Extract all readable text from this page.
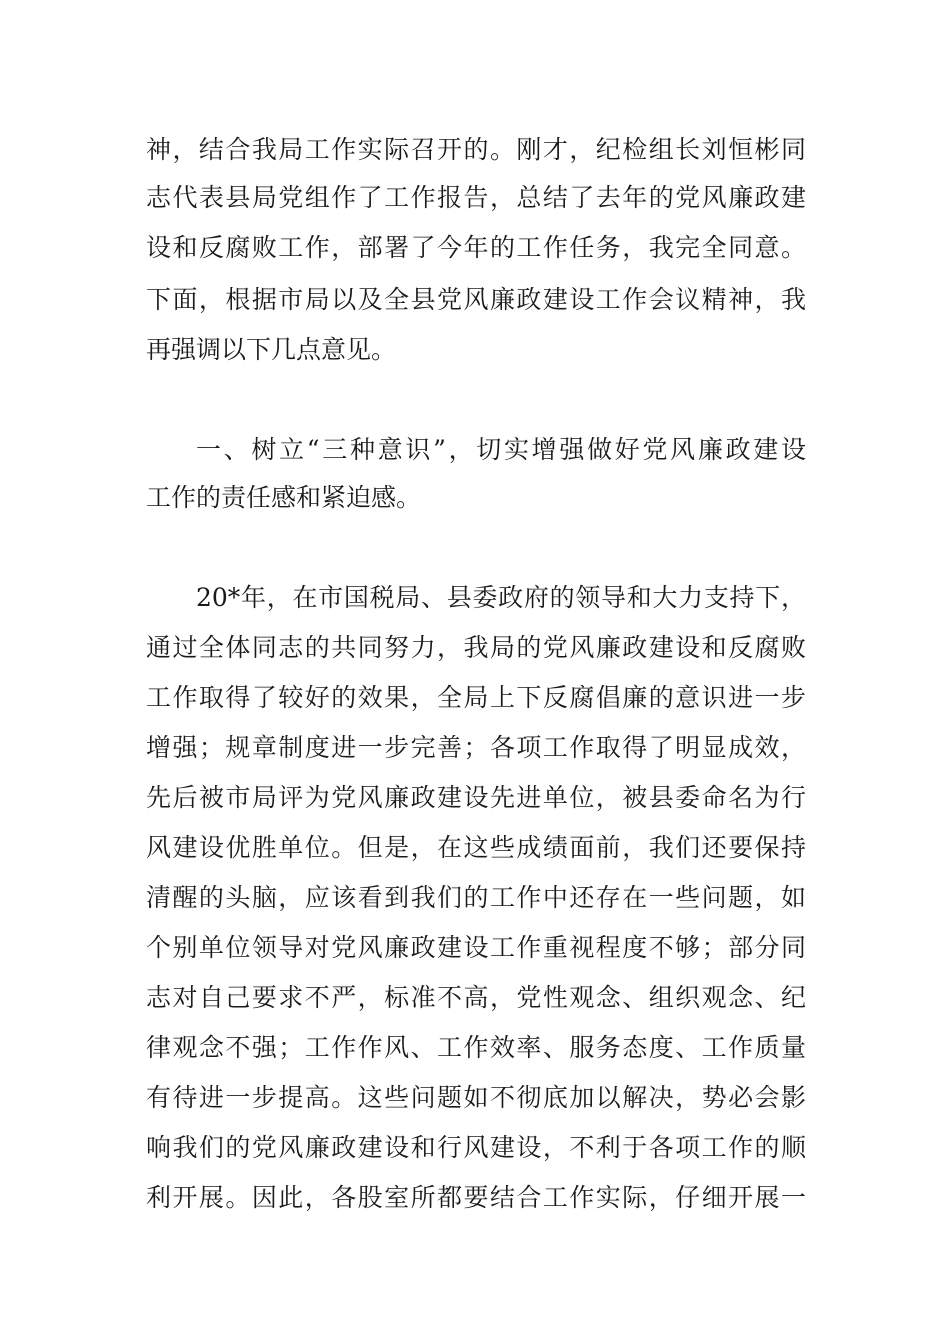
神，结合我局工作实际召开的。刚才，纪检组长刘恒彬同
志代表县局党组作了工作报告，总结了去年的党风廉政建
设和反腐败工作，部署了今年的工作任务，我完全同意。
下面，根据市局以及全县党风廉政建设工作会议精神，我
再强调以下几点意见。
一、树立“三种意识”，切实增强做好党风廉政建设
工作的责任感和紧迫感。
20*年，在市国税局、县委政府的领导和大力支持下，
通过全体同志的共同努力，我局的党风廉政建设和反腐败
工作取得了较好的效果，全局上下反腐倡廉的意识进一步
增强；规章制度进一步完善；各项工作取得了明显成效，
先后被市局评为党风廉政建设先进单位，被县委命名为行
风建设优胜单位。但是，在这些成绩面前，我们还要保持
清醒的头脑，应该看到我们的工作中还存在一些问题，如
个别单位领导对党风廉政建设工作重视程度不够；部分同
志对自己要求不严，标准不高，党性观念、组织观念、纪
律观念不强；工作作风、工作效率、服务态度、工作质量
有待进一步提高。这些问题如不彻底加以解决，势必会影
响我们的党风廉政建设和行风建设，不利于各项工作的顺
利开展。因此，各股室所都要结合工作实际，仔细开展一
